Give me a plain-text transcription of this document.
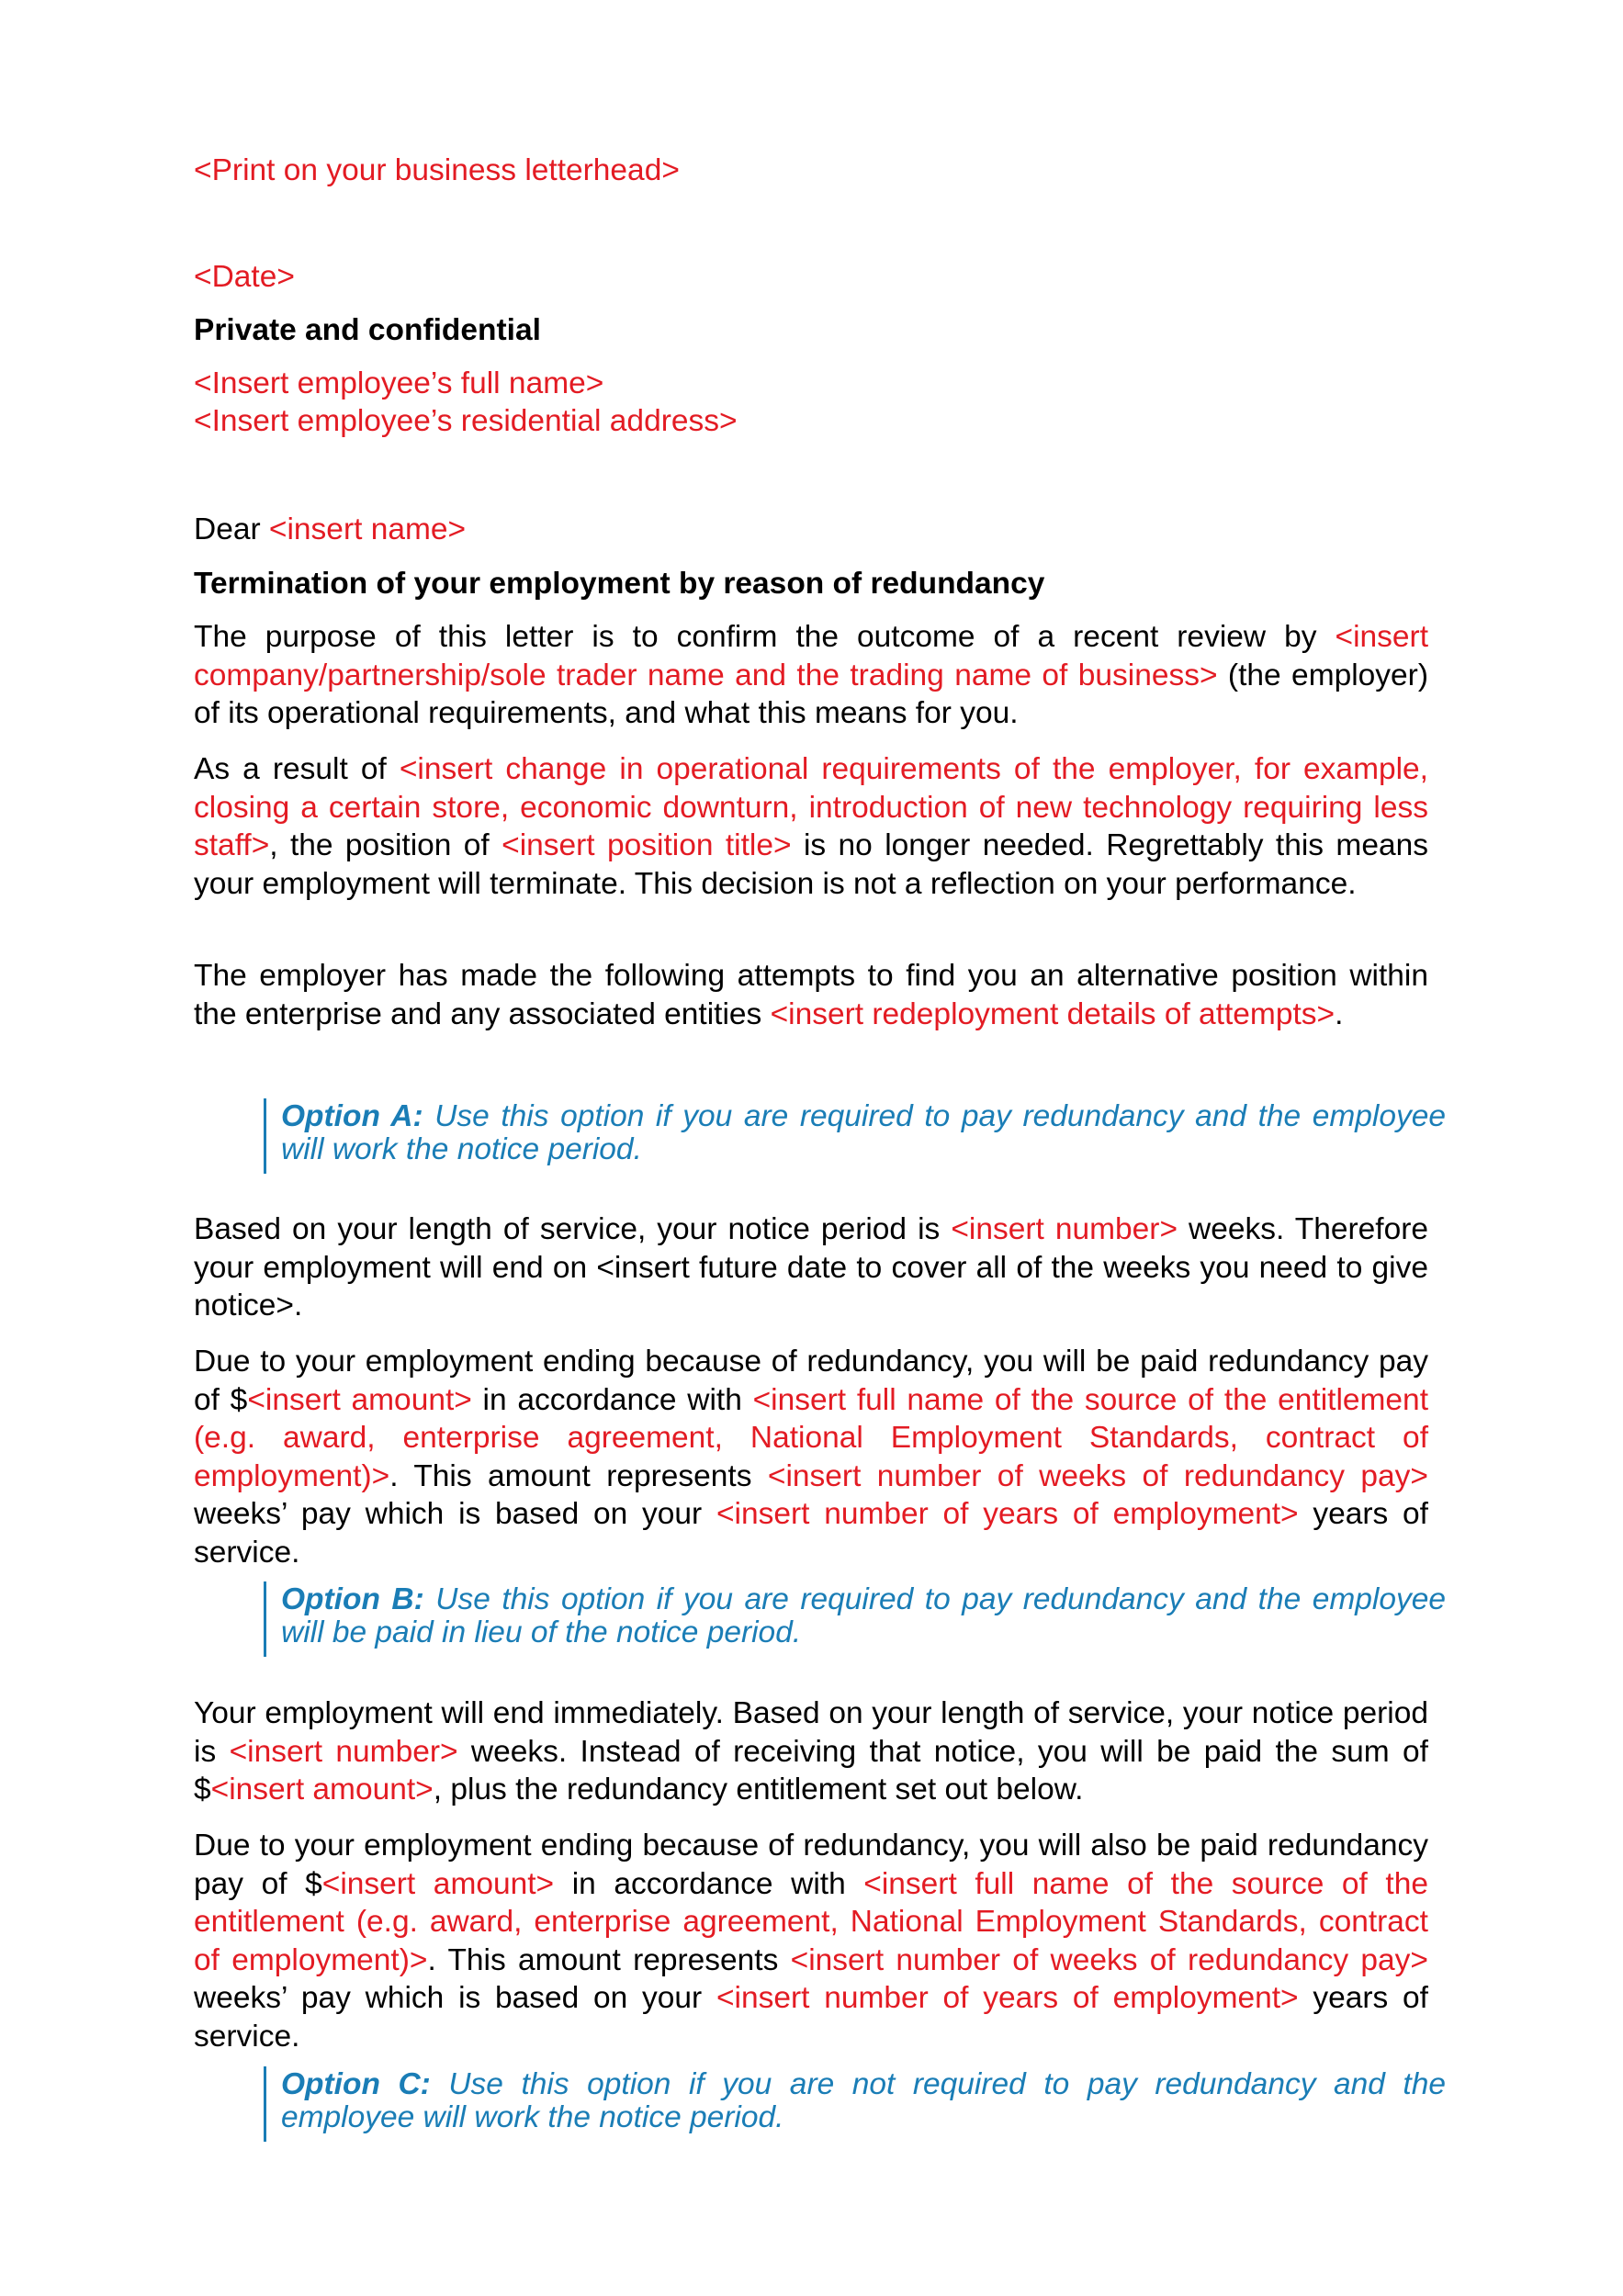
<Print on your business letterhead>

<Date>

Private and confidential

<Insert employee’s full name>

<Insert employee’s residential address>

Dear <insert name>

Termination of your employment by reason of redundancy

The purpose of this letter is to confirm the outcome of a recent review by <insert company/partnership/sole trader name and the trading name of business> (the employer) of its operational requirements, and what this means for you.

As a result of <insert change in operational requirements of the employer, for example, closing a certain store, economic downturn, introduction of new technology requiring less staff>, the position of <insert position title> is no longer needed. Regrettably this means your employment will terminate. This decision is not a reflection on your performance.

The employer has made the following attempts to find you an alternative position within the enterprise and any associated entities <insert redeployment details of attempts>.

Option A: Use this option if you are required to pay redundancy and the employee will work the notice period.

Based on your length of service, your notice period is <insert number> weeks. Therefore your employment will end on <insert future date to cover all of the weeks you need to give notice>.

Due to your employment ending because of redundancy, you will be paid redundancy pay of $<insert amount> in accordance with <insert full name of the source of the entitlement (e.g. award, enterprise agreement, National Employment Standards, contract of employment)>. This amount represents <insert number of weeks of redundancy pay> weeks’ pay which is based on your <insert number of years of employment> years of service.

Option B: Use this option if you are required to pay redundancy and the employee will be paid in lieu of the notice period.

Your employment will end immediately. Based on your length of service, your notice period is <insert number> weeks. Instead of receiving that notice, you will be paid the sum of $<insert amount>, plus the redundancy entitlement set out below.

Due to your employment ending because of redundancy, you will also be paid redundancy pay of $<insert amount> in accordance with <insert full name of the source of the entitlement (e.g. award, enterprise agreement, National Employment Standards, contract of employment)>. This amount represents <insert number of weeks of redundancy pay> weeks’ pay which is based on your <insert number of years of employment> years of service.

Option C: Use this option if you are not required to pay redundancy and the employee will work the notice period.
